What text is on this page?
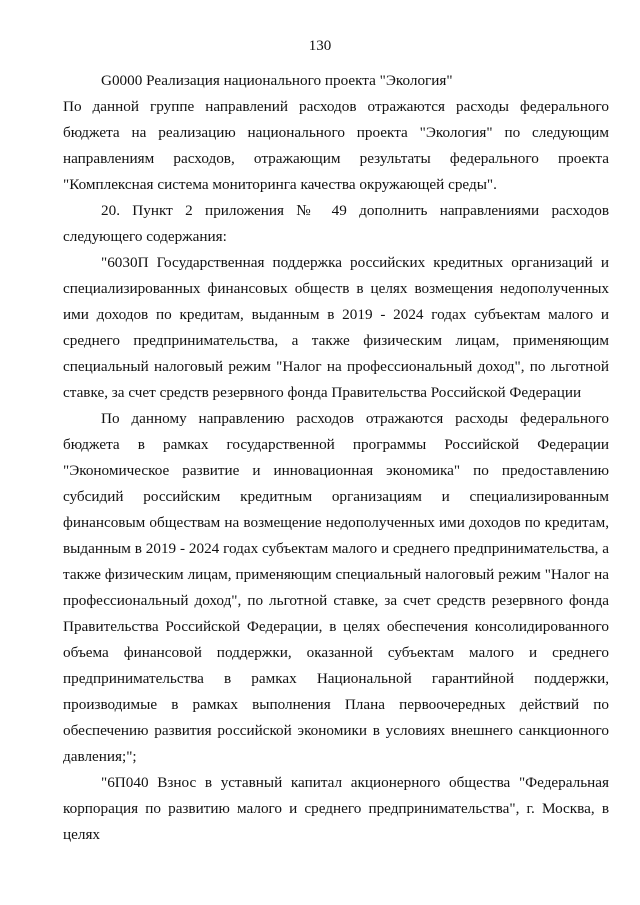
130

G0000 Реализация национального проекта "Экология"

По данной группе направлений расходов отражаются расходы федерального бюджета на реализацию национального проекта "Экология" по следующим направлениям расходов, отражающим результаты федерального проекта "Комплексная система мониторинга качества окружающей среды".

20. Пункт 2 приложения № 49 дополнить направлениями расходов следующего содержания:

"6030П Государственная поддержка российских кредитных организаций и специализированных финансовых обществ в целях возмещения недополученных ими доходов по кредитам, выданным в 2019 - 2024 годах субъектам малого и среднего предпринимательства, а также физическим лицам, применяющим специальный налоговый режим "Налог на профессиональный доход", по льготной ставке, за счет средств резервного фонда Правительства Российской Федерации

По данному направлению расходов отражаются расходы федерального бюджета в рамках государственной программы Российской Федерации "Экономическое развитие и инновационная экономика" по предоставлению субсидий российским кредитным организациям и специализированным финансовым обществам на возмещение недополученных ими доходов по кредитам, выданным в 2019 - 2024 годах субъектам малого и среднего предпринимательства, а также физическим лицам, применяющим специальный налоговый режим "Налог на профессиональный доход", по льготной ставке, за счет средств резервного фонда Правительства Российской Федерации, в целях обеспечения консолидированного объема финансовой поддержки, оказанной субъектам малого и среднего предпринимательства в рамках Национальной гарантийной поддержки, производимые в рамках выполнения Плана первоочередных действий по обеспечению развития российской экономики в условиях внешнего санкционного давления;";

"6П040 Взнос в уставный капитал акционерного общества "Федеральная корпорация по развитию малого и среднего предпринимательства", г. Москва, в целях
